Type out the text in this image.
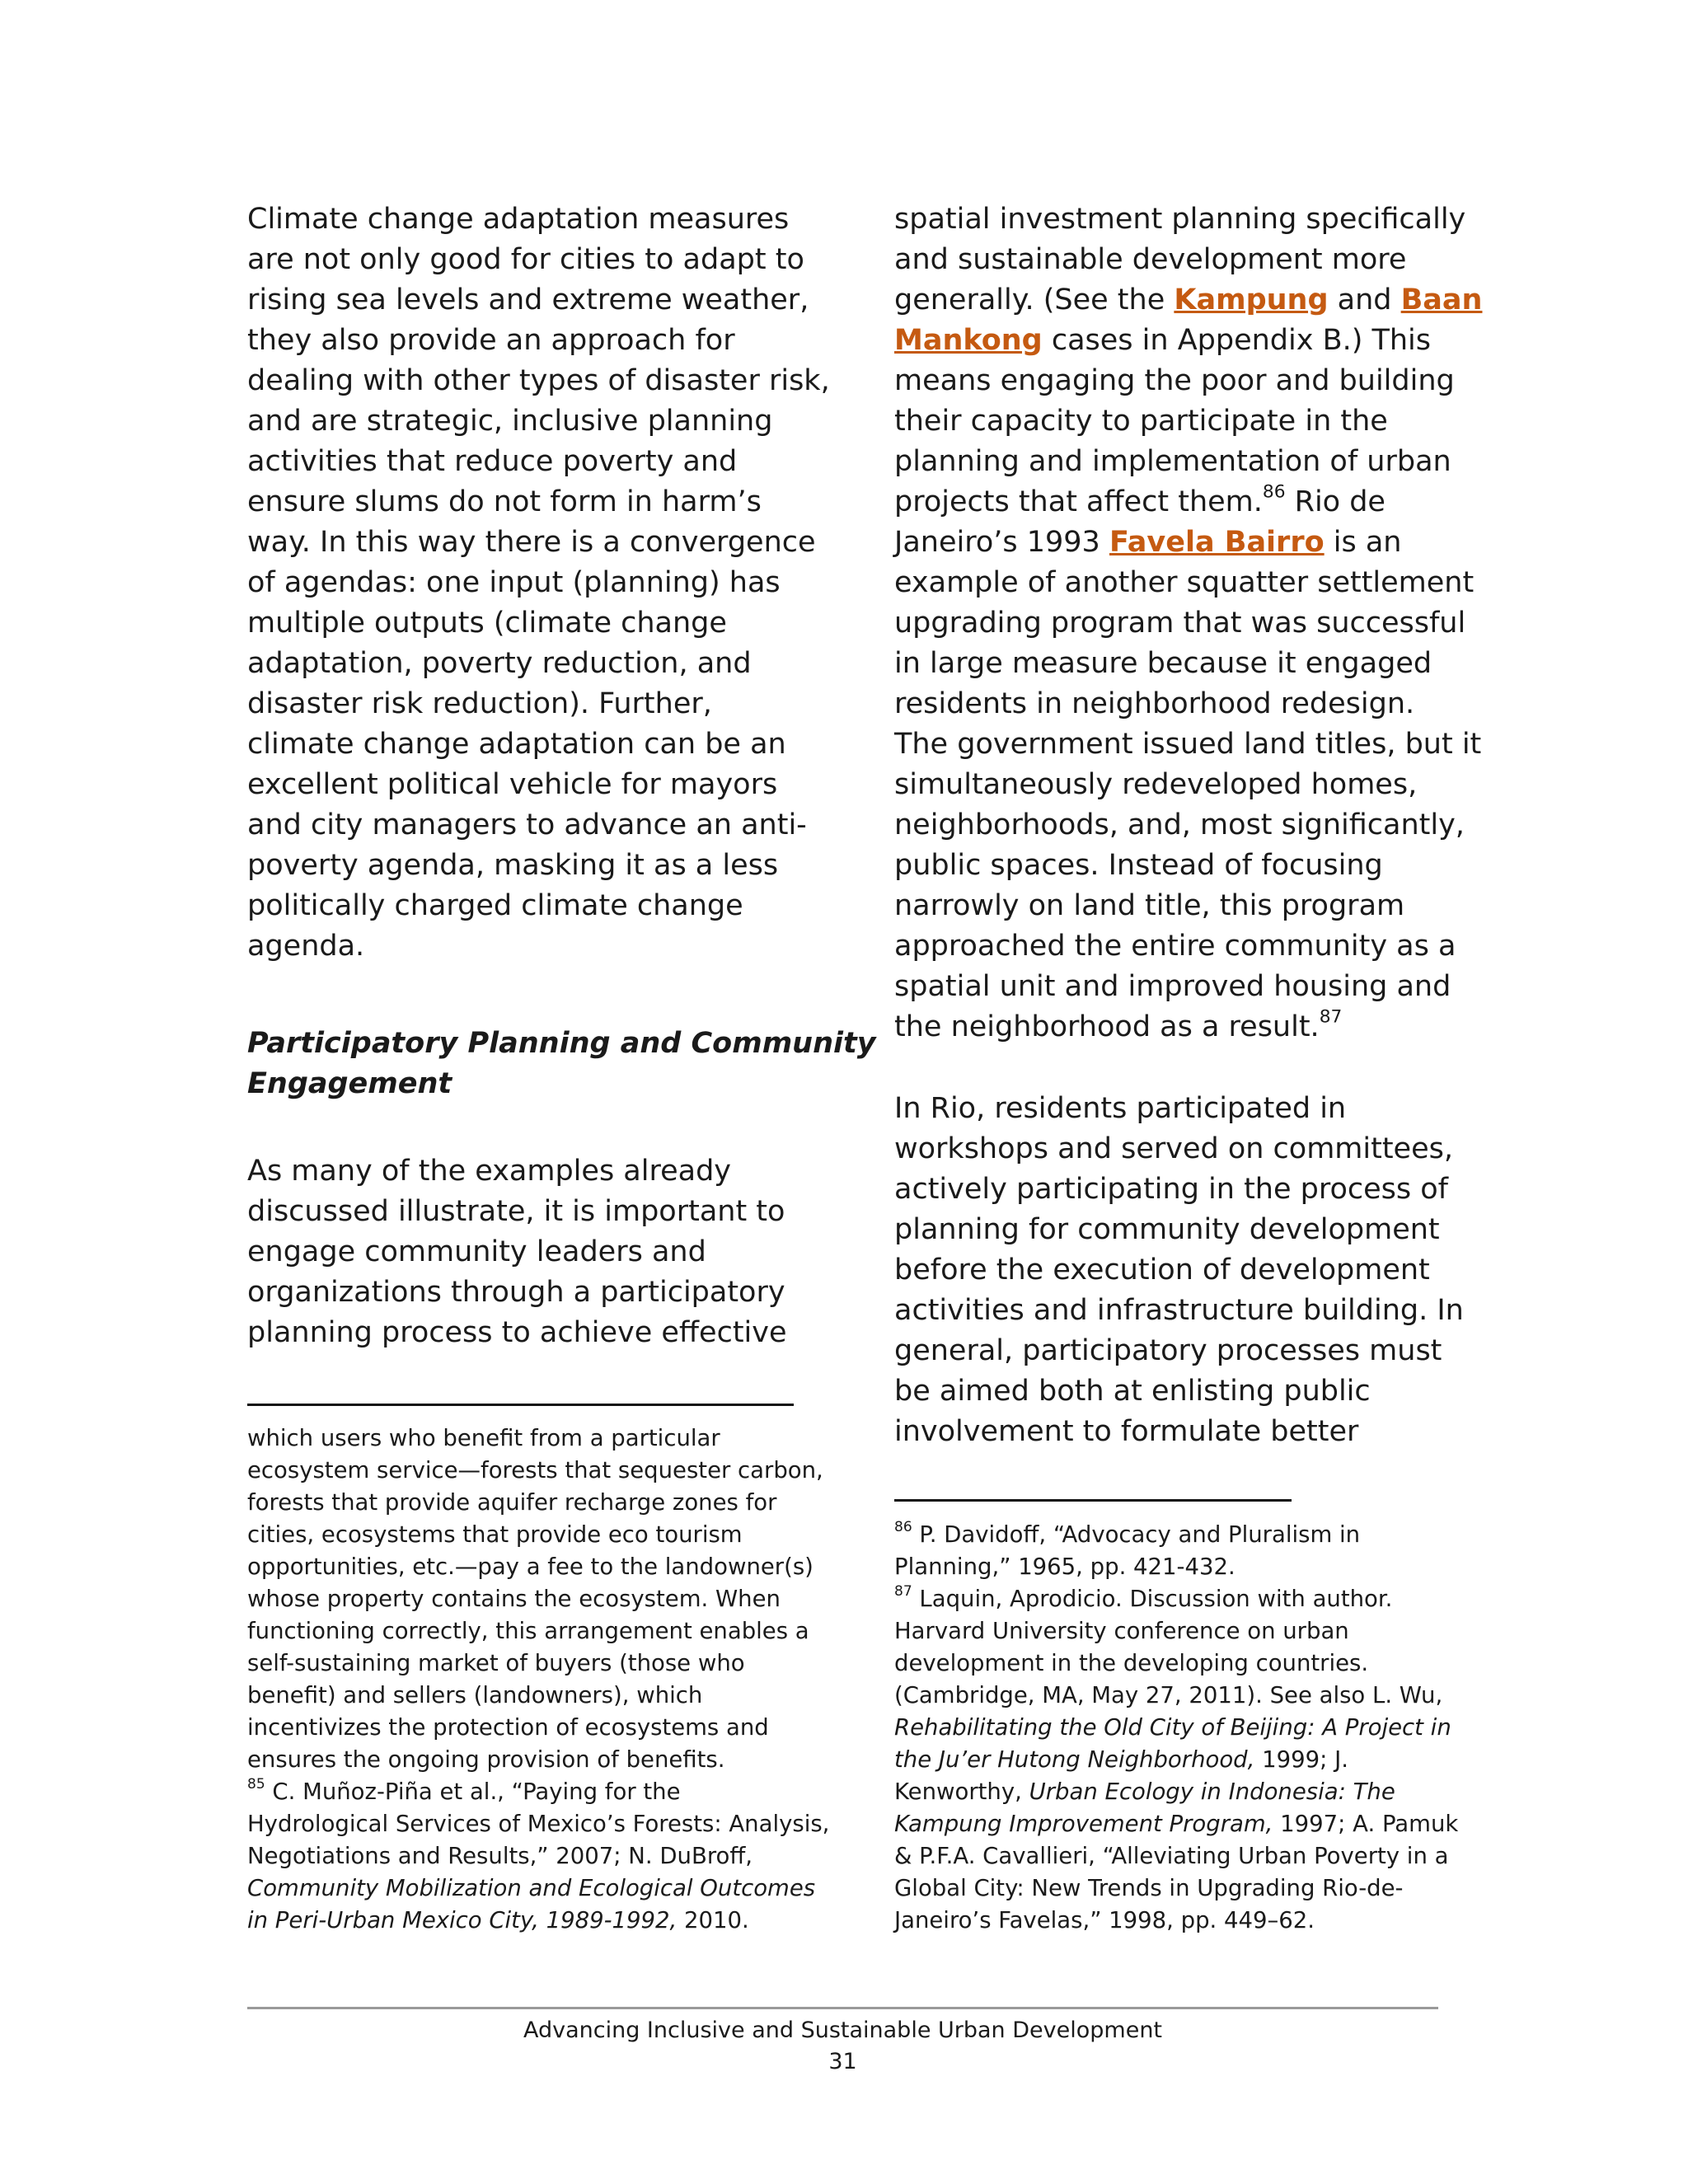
Climate change adaptation measures
are not only good for cities to adapt to
rising sea levels and extreme weather,
they also provide an approach for
dealing with other types of disaster risk,
and are strategic, inclusive planning
activities that reduce poverty and
ensure slums do not form in harm’s
way. In this way there is a convergence
of agendas: one input (planning) has
multiple outputs (climate change
adaptation, poverty reduction, and
disaster risk reduction). Further,
climate change adaptation can be an
excellent political vehicle for mayors
and city managers to advance an anti-
poverty agenda, masking it as a less
politically charged climate change
agenda.
Participatory Planning and Community
Engagement
As many of the examples already
discussed illustrate, it is important to
engage community leaders and
organizations through a participatory
planning process to achieve effective
which users who benefit from a particular
ecosystem service—forests that sequester carbon,
forests that provide aquifer recharge zones for
cities, ecosystems that provide eco tourism
opportunities, etc.—pay a fee to the landowner(s)
whose property contains the ecosystem. When
functioning correctly, this arrangement enables a
self-sustaining market of buyers (those who
benefit) and sellers (landowners), which
incentivizes the protection of ecosystems and
ensures the ongoing provision of benefits.
$^{85}$ C. Muñoz-Piña et al., “Paying for the
Hydrological Services of Mexico’s Forests: Analysis,
Negotiations and Results,” 2007; N. DuBroff,
Community Mobilization and Ecological Outcomes
in Peri-Urban Mexico City, 1989-1992, 2010.
spatial investment planning specifically
and sustainable development more
generally. (See the Kampung and Baan
Mankong cases in Appendix B.) This
means engaging the poor and building
their capacity to participate in the
planning and implementation of urban
projects that affect them.$^{86}$ Rio de
Janeiro’s 1993 Favela Bairro is an
example of another squatter settlement
upgrading program that was successful
in large measure because it engaged
residents in neighborhood redesign.
The government issued land titles, but it
simultaneously redeveloped homes,
neighborhoods, and, most significantly,
public spaces. Instead of focusing
narrowly on land title, this program
approached the entire community as a
spatial unit and improved housing and
the neighborhood as a result.$^{87}$
In Rio, residents participated in
workshops and served on committees,
actively participating in the process of
planning for community development
before the execution of development
activities and infrastructure building. In
general, participatory processes must
be aimed both at enlisting public
involvement to formulate better
$^{86}$ P. Davidoff, “Advocacy and Pluralism in
Planning,” 1965, pp. 421-432.
$^{87}$ Laquin, Aprodicio. Discussion with author.
Harvard University conference on urban
development in the developing countries.
(Cambridge, MA, May 27, 2011). See also L. Wu,
Rehabilitating the Old City of Beijing: A Project in
the Ju’er Hutong Neighborhood, 1999; J.
Kenworthy, Urban Ecology in Indonesia: The
Kampung Improvement Program, 1997; A. Pamuk
& P.F.A. Cavallieri, “Alleviating Urban Poverty in a
Global City: New Trends in Upgrading Rio-de-
Janeiro’s Favelas,” 1998, pp. 449–62.
Advancing Inclusive and Sustainable Urban Development
31
